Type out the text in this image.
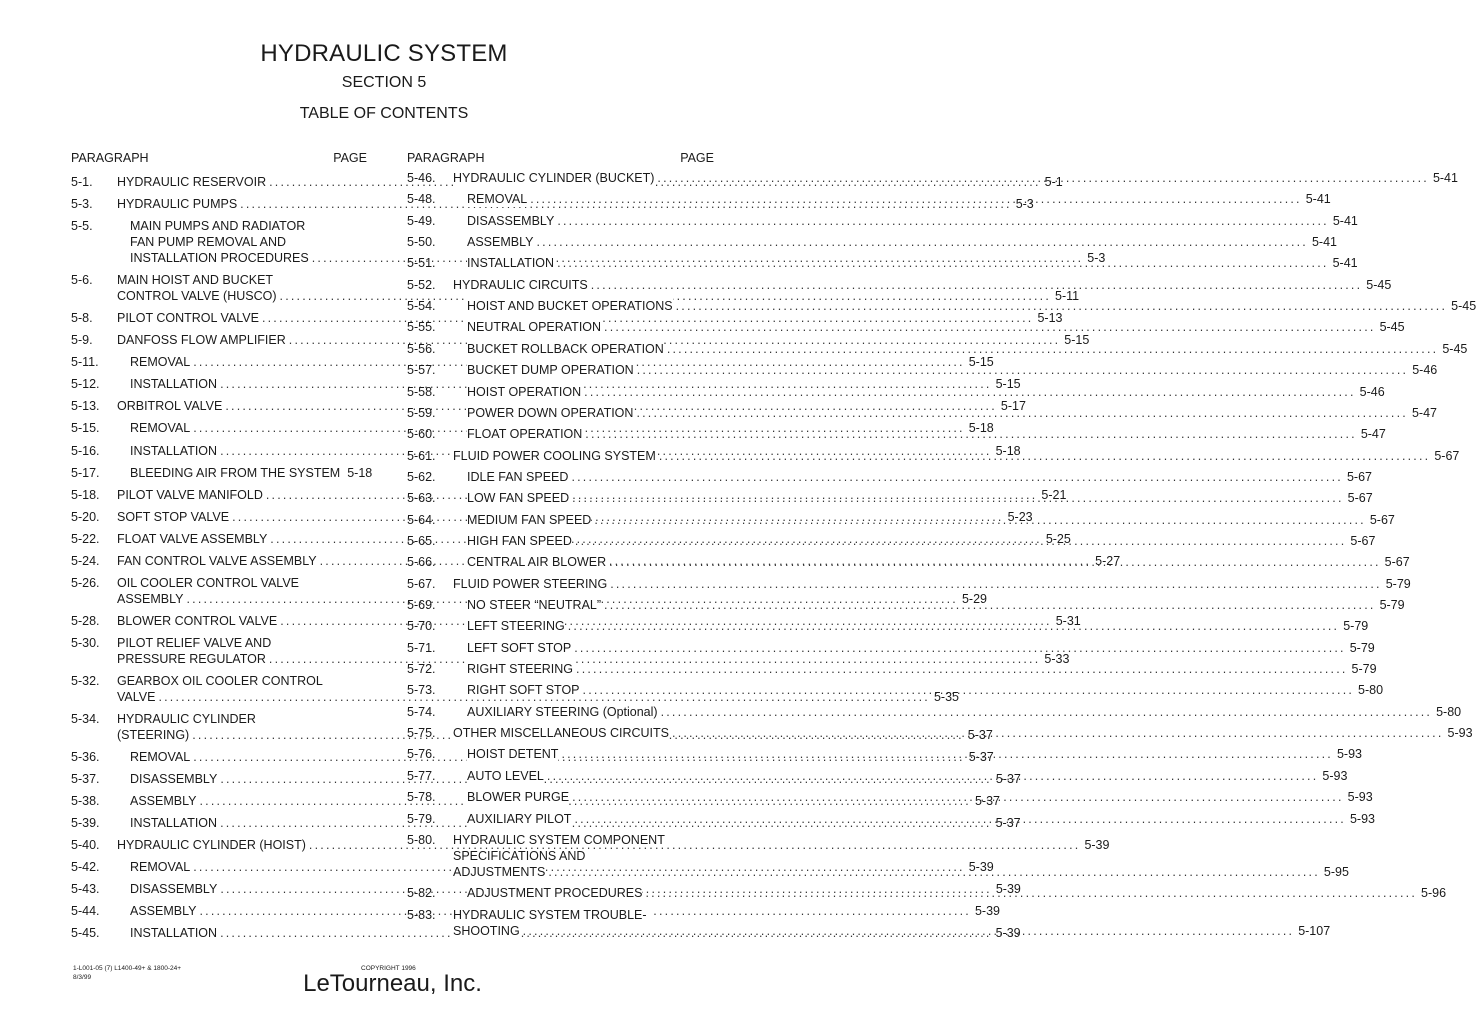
HYDRAULIC SYSTEM
SECTION 5
TABLE OF CONTENTS
PARAGRAPH	PAGE
5-1. HYDRAULIC RESERVOIR .....	5-1
5-3. HYDRAULIC PUMPS .....	5-3
5-5.	MAIN PUMPS AND RADIATOR
FAN PUMP REMOVAL AND
INSTALLATION PROCEDURES .....	5-3
5-6. MAIN HOIST AND BUCKET
CONTROL VALVE (HUSCO) .....	5-11
5-8. PILOT CONTROL VALVE .....	5-13
5-9. DANFOSS FLOW AMPLIFIER .....	5-15
5-11.	REMOVAL .....	5-15
5-12. INSTALLATION .....	5-15
5-13. ORBITROL VALVE .....	5-17
5-15. REMOVAL .....	5-18
5-16. INSTALLATION .....	5-18
5-17. BLEEDING AIR FROM THE SYSTEM 5-18
5-18. PILOT VALVE MANIFOLD .....	5-21
5-20. SOFT STOP VALVE .....	5-23
5-22. FLOAT VALVE ASSEMBLY .....	5-25
5-24. FAN CONTROL VALVE ASSEMBLY .....	5-27
5-26. OIL COOLER CONTROL VALVE
ASSEMBLY .....	5-29
5-28. BLOWER CONTROL VALVE .....	5-31
5-30. PILOT RELIEF VALVE AND
PRESSURE REGULATOR .....	5-33
5-32. GEARBOX OIL COOLER CONTROL
VALVE .....	5-35
5-34. HYDRAULIC CYLINDER
(STEERING) .....	5-37
5-36. REMOVAL .....	5-37
5-37. DISASSEMBLY .....	5-37
5-38. ASSEMBLY .....	5-37
5-39. INSTALLATION .....	5-37
5-40. HYDRAULIC CYLINDER (HOIST) .....	5-39
5-42. REMOVAL .....	5-39
5-43. DISASSEMBLY .....	5-39
5-44. ASSEMBLY .....	5-39
5-45. INSTALLATION .....	5-39
PARAGRAPH	PAGE
5-46. HYDRAULIC CYLINDER (BUCKET) .....	5-41
5-48.	REMOVAL .....	5-41
5-49.	DISASSEMBLY .....	5-41
5-50.	ASSEMBLY .....	5-41
5-51.	INSTALLATION .....	5-41
5-52. HYDRAULIC CIRCUITS .....	5-45
5-54.	HOIST AND BUCKET OPERATIONS .....	5-45
5-55.	NEUTRAL OPERATION .....	5-45
5-56.	BUCKET ROLLBACK OPERATION .....	5-45
5-57.	BUCKET DUMP OPERATION .....	5-46
5-58.	HOIST OPERATION .....	5-46
5-59.	POWER DOWN OPERATION .....	5-47
5-60.	FLOAT OPERATION .....	5-47
5-61. FLUID POWER COOLING SYSTEM .....	5-67
5-62.	IDLE FAN SPEED .....	5-67
5-63.	LOW FAN SPEED .....	5-67
5-64.	MEDIUM FAN SPEED .....	5-67
5-65.	HIGH FAN SPEED .....	5-67
5-66.	CENTRAL AIR BLOWER .....	5-67
5-67. FLUID POWER STEERING .....	5-79
5-69.	NO STEER “NEUTRAL” .....	5-79
5-70.	LEFT STEERING .....	5-79
5-71.	LEFT SOFT STOP .....	5-79
5-72.	RIGHT STEERING .....	5-79
5-73.	RIGHT SOFT STOP .....	5-80
5-74.	AUXILIARY STEERING (Optional) .....	5-80
5-75. OTHER MISCELLANEOUS CIRCUITS .....	5-93
5-76.	HOIST DETENT .....	5-93
5-77.	AUTO LEVEL .....	5-93
5-78.	BLOWER PURGE .....	5-93
5-79.	AUXILIARY PILOT .....	5-93
5-80. HYDRAULIC SYSTEM COMPONENT
SPECIFICATIONS AND
ADJUSTMENTS .....	5-95
5-82.	ADJUSTMENT PROCEDURES .....	5-96
5-83. HYDRAULIC SYSTEM TROUBLE-
SHOOTING .....	5-107
1-L001-05 (7) L1400-49+ & 1800-24+
8/3/99
COPYRIGHT 1996
LeTourneau, Inc.
